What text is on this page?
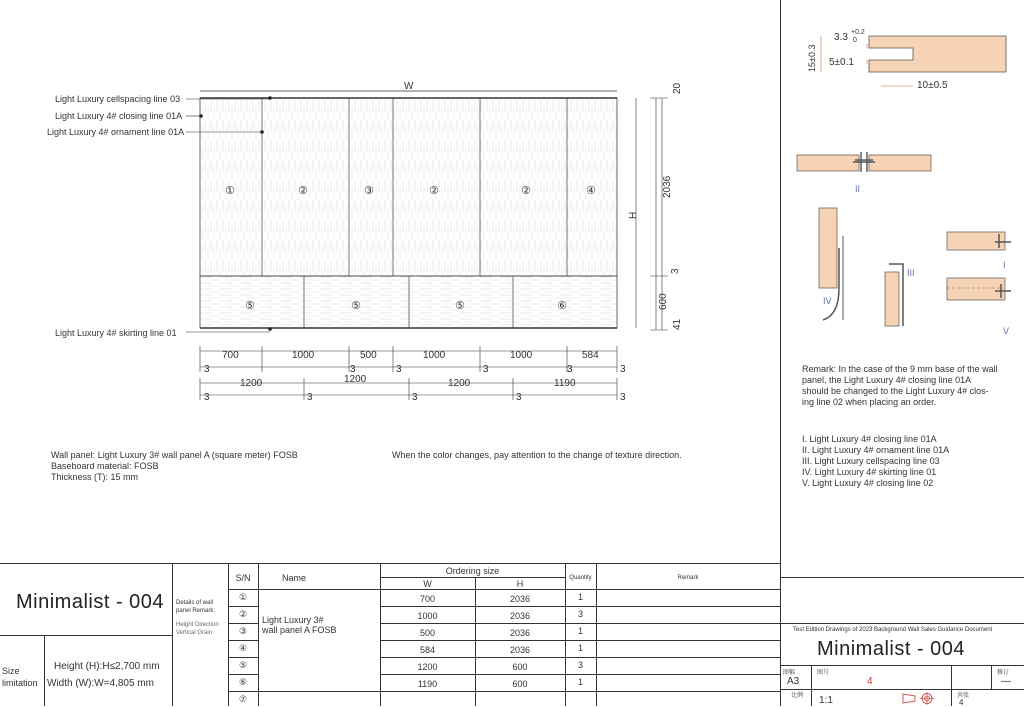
W
①	②	③	②	②	④
⑤	⑤	⑤	⑥
H
20
2036
3
600
41
700	1000	500	1000	1000	584
3	3	3	3	3	3
1200	1200	1200	1190
3	3	3	3	3
Light Luxury cellspacing line 03
Light Luxury 4# closing line 01A
Light Luxury 4# ornament line 01A
Light Luxury 4# skirting line 01
Wall panel: Light Luxury 3# wall panel A (square meter) FOSB
Baseboard material: FOSB
Thickness (T): 15 mm
When the color changes, pay attention to the change of texture direction.
15±0.3
3.3 +0.2
0
5±0.1
10±0.5
II
IV
III
I
V
Remark: In the case of the 9 mm base of the wall
panel, the Light Luxury 4# closing line 01A
should be changed to the Light Luxury 4# clos-
ing line 02 when placing an order.
I. Light Luxury 4# closing line 01A
II. Light Luxury 4# ornament line 01A
III. Light Luxury cellspacing line 03
IV. Light Luxury 4# skirting line 01
V. Light Luxury 4# closing line 02
Minimalist - 004 Details of wall
panel Remark:
Height Direction
Vertical Grain
Size
limitation
Height (H):H≤2,700 mm
Width (W):W=4,805 mm
S/N	Name
Ordering size
W	H
Quantity	Remark
Light Luxury 3#
wall panel A FOSB
①	700	2036	1
②	1000	2036	3
③	500	2036	1
④	584	2036	1
⑤	1200	600	3
⑥	1190	600	1
⑦
Test Edition Drawings of 2023 Background Wall Sales Guidance Document
Minimalist - 004
图幅
A3
图号
4
修订
—
比例 1:1	共张
4
